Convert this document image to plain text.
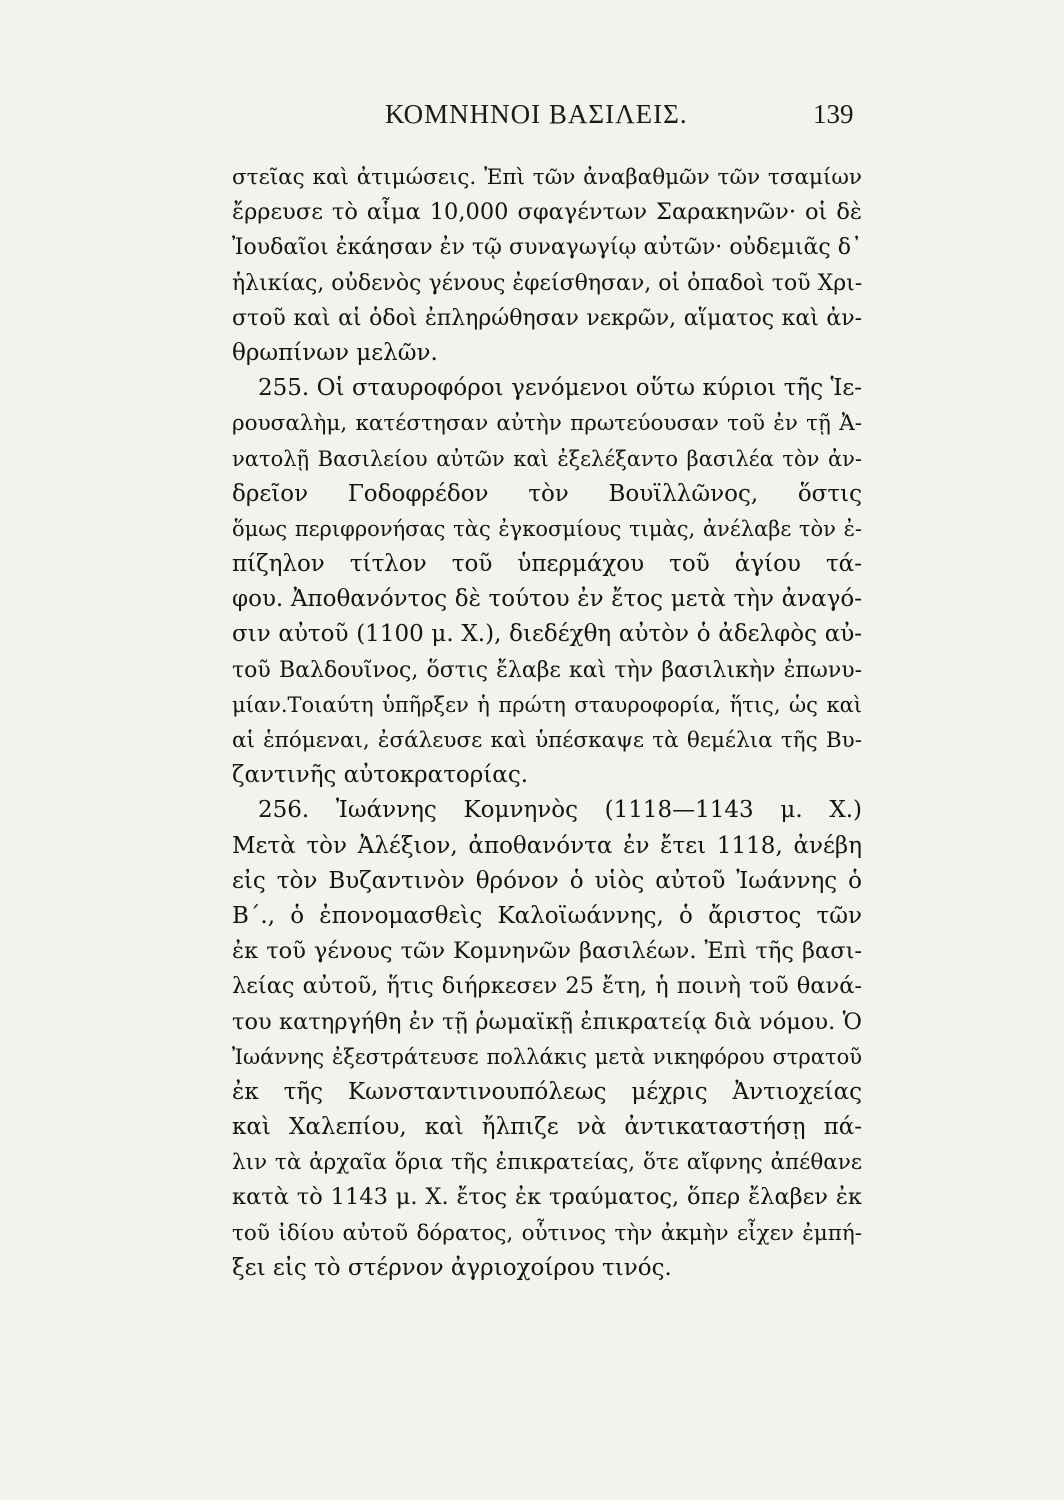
ΚΟΜΝΗΝΟΙ ΒΑΣΙΛΕΙΣ.	139
στεῖας καὶ ἀτιμώσεις. Ἐπὶ τῶν ἀναβαθμῶν τῶν τσαμίων
ἔρρευσε τὸ αἷμα 10,000 σφαγέντων Σαρακηνῶν· οἱ δὲ
Ἰουδαῖοι ἐκάησαν ἐν τῷ συναγωγίῳ αὐτῶν· οὐδεμιᾶς δ᾽
ἡλικίας, οὐδενὸς γένους ἐφείσθησαν, οἱ ὀπαδοὶ τοῦ Χρι-
στοῦ καὶ αἱ ὁδοὶ ἐπληρώθησαν νεκρῶν, αἵματος καὶ ἀν-
θρωπίνων μελῶν.
255. Οἱ σταυροφόροι γενόμενοι οὕτω κύριοι τῆς Ἱε-
ρουσαλὴμ, κατέστησαν αὐτὴν πρωτεύουσαν τοῦ ἐν τῇ Ἀ-
νατολῇ Βασιλείου αὐτῶν καὶ ἐξελέξαντο βασιλέα τὸν ἀν-
δρεῖον Γοδοφρέδον τὸν Βουϊλλῶνος, ὅστις
ὅμως περιφρονήσας τὰς ἐγκοσμίους τιμὰς, ἀνέλαβε τὸν ἐ-
πίζηλον τίτλον τοῦ ὑπερμάχου τοῦ ἁγίου τά-
φου. Ἀποθανόντος δὲ τούτου ἐν ἔτος μετὰ τὴν ἀναγό-
σιν αὐτοῦ (1100 μ. Χ.), διεδέχθη αὐτὸν ὁ ἀδελφὸς αὐ-
τοῦ Βαλδουῖνος, ὅστις ἔλαβε καὶ τὴν βασιλικὴν ἐπωνυ-
μίαν.Τοιαύτη ὑπῆρξεν ἡ πρώτη σταυροφορία, ἥτις, ὡς καὶ
αἱ ἑπόμεναι, ἐσάλευσε καὶ ὑπέσκαψε τὰ θεμέλια τῆς Βυ-
ζαντινῆς αὐτοκρατορίας.
256. Ἰωάννης Κομνηνὸς (1118—1143 μ. Χ.)
Μετὰ τὸν Ἀλέξιον, ἀποθανόντα ἐν ἔτει 1118, ἀνέβη
εἰς τὸν Βυζαντινὸν θρόνον ὁ υἱὸς αὐτοῦ Ἰωάννης ὁ
Β΄., ὁ ἐπονομασθεὶς Καλοϊωάννης, ὁ ἄριστος τῶν
ἐκ τοῦ γένους τῶν Κομνηνῶν βασιλέων. Ἐπὶ τῆς βασι-
λείας αὐτοῦ, ἥτις διήρκεσεν 25 ἔτη, ἡ ποινὴ τοῦ θανά-
του κατηργήθη ἐν τῇ ῥωμαϊκῇ ἐπικρατείᾳ διὰ νόμου. Ὁ
Ἰωάννης ἐξεστράτευσε πολλάκις μετὰ νικηφόρου στρατοῦ
ἐκ τῆς Κωνσταντινουπόλεως μέχρις Ἀντιοχείας
καὶ Χαλεπίου, καὶ ἤλπιζε νὰ ἀντικαταστήσῃ πά-
λιν τὰ ἀρχαῖα ὅρια τῆς ἐπικρατείας, ὅτε αἴφνης ἀπέθανε
κατὰ τὸ 1143 μ. Χ. ἔτος ἐκ τραύματος, ὅπερ ἔλαβεν ἐκ
τοῦ ἰδίου αὐτοῦ δόρατος, οὗτινος τὴν ἀκμὴν εἶχεν ἐμπή-
ξει εἰς τὸ στέρνον ἀγριοχοίρου τινός.
